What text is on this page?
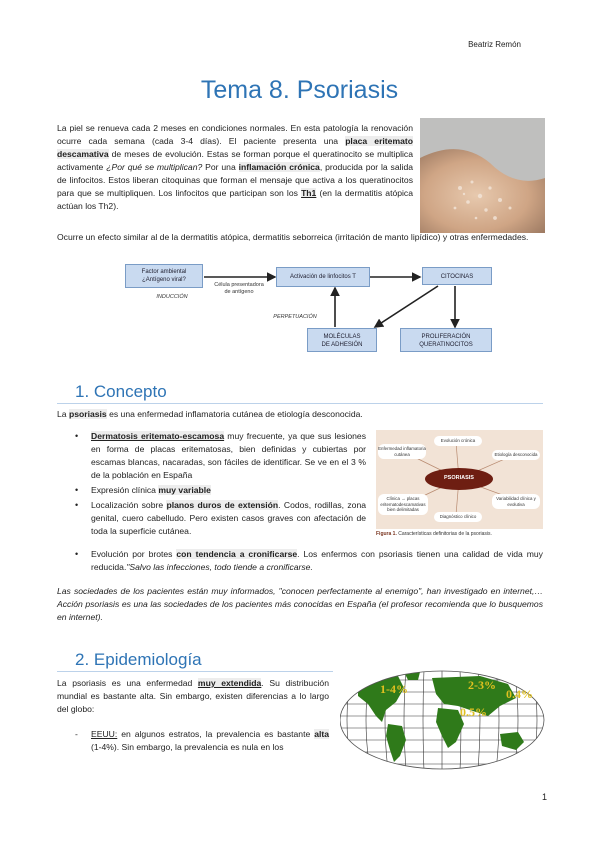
Beatriz Remón
Tema 8. Psoriasis

La piel se renueva cada 2 meses en condiciones normales. En esta patología la renovación ocurre cada semana (cada 3-4 días). El paciente presenta una placa eritemato descamativa de meses de evolución. Estas se forman porque el queratinocito se multiplica activamente ¿Por qué se multiplican? Por una inflamación crónica, producida por la salida de linfocitos. Estos liberan citoquinas que forman el mensaje que activa a los queratinocitos para que se multipliquen. Los linfocitos que participan son los Th1 (en la dermatitis atópica actúan los Th2).

Ocurre un efecto similar al de la dermatitis atópica, dermatitis seborreica (irritación de manto lipídico) y otras enfermedades.

Factor ambiental
¿Antígeno viral?	Activación de linfocitos T	CITOCINAS
INDUCCIÓN
Célula presentadora
de antígeno
PERPETUACIÓN
MOLÉCULAS
DE ADHESIÓN
PROLIFERACIÓN
QUERATINOCITOS
1. Concepto

La psoriasis es una enfermedad inflamatoria cutánea de etiología desconocida.

• Dermatosis eritemato-escamosa muy frecuente, ya que sus lesiones en forma de placas eritematosas, bien definidas y cubiertas por escamas blancas, nacaradas, son fáciles de identificar. Se ve en el 3 % de la población en España
• Expresión clínica muy variable
• Localización sobre planos duros de extensión. Codos, rodillas, zona genital, cuero cabelludo. Pero existen casos graves con afectación de toda la superficie cutánea.
• Evolución por brotes con tendencia a cronificarse. Los enfermos con psoriasis tienen una calidad de vida muy reducida."Salvo las infecciones, todo tiende a cronificarse.
PSORIASIS
Enfermedad inflamatoria cutánea
Evolución crónica
Etiología desconocida
Variabilidad clínica y evolutiva
Diagnóstico clínico
Clínica → placas eritematodescamativas bien delimitadas
Figura 1. Características definitorias de la psoriasis.

Las sociedades de los pacientes están muy informados, "conocen perfectamente al enemigo", han investigado en internet,… Acción psoriasis es una las sociedades de los pacientes más conocidas en España (el profesor recomienda que lo busquemos en internet).

2. Epidemiología

La psoriasis es una enfermedad muy extendida. Su distribución mundial es bastante alta. Sin embargo, existen diferencias a lo largo del globo:

- EEUU: en algunos estratos, la prevalencia es bastante alta (1-4%). Sin embargo, la prevalencia es nula en los
1-4%	2-3%
0.4%
0.5%
1
